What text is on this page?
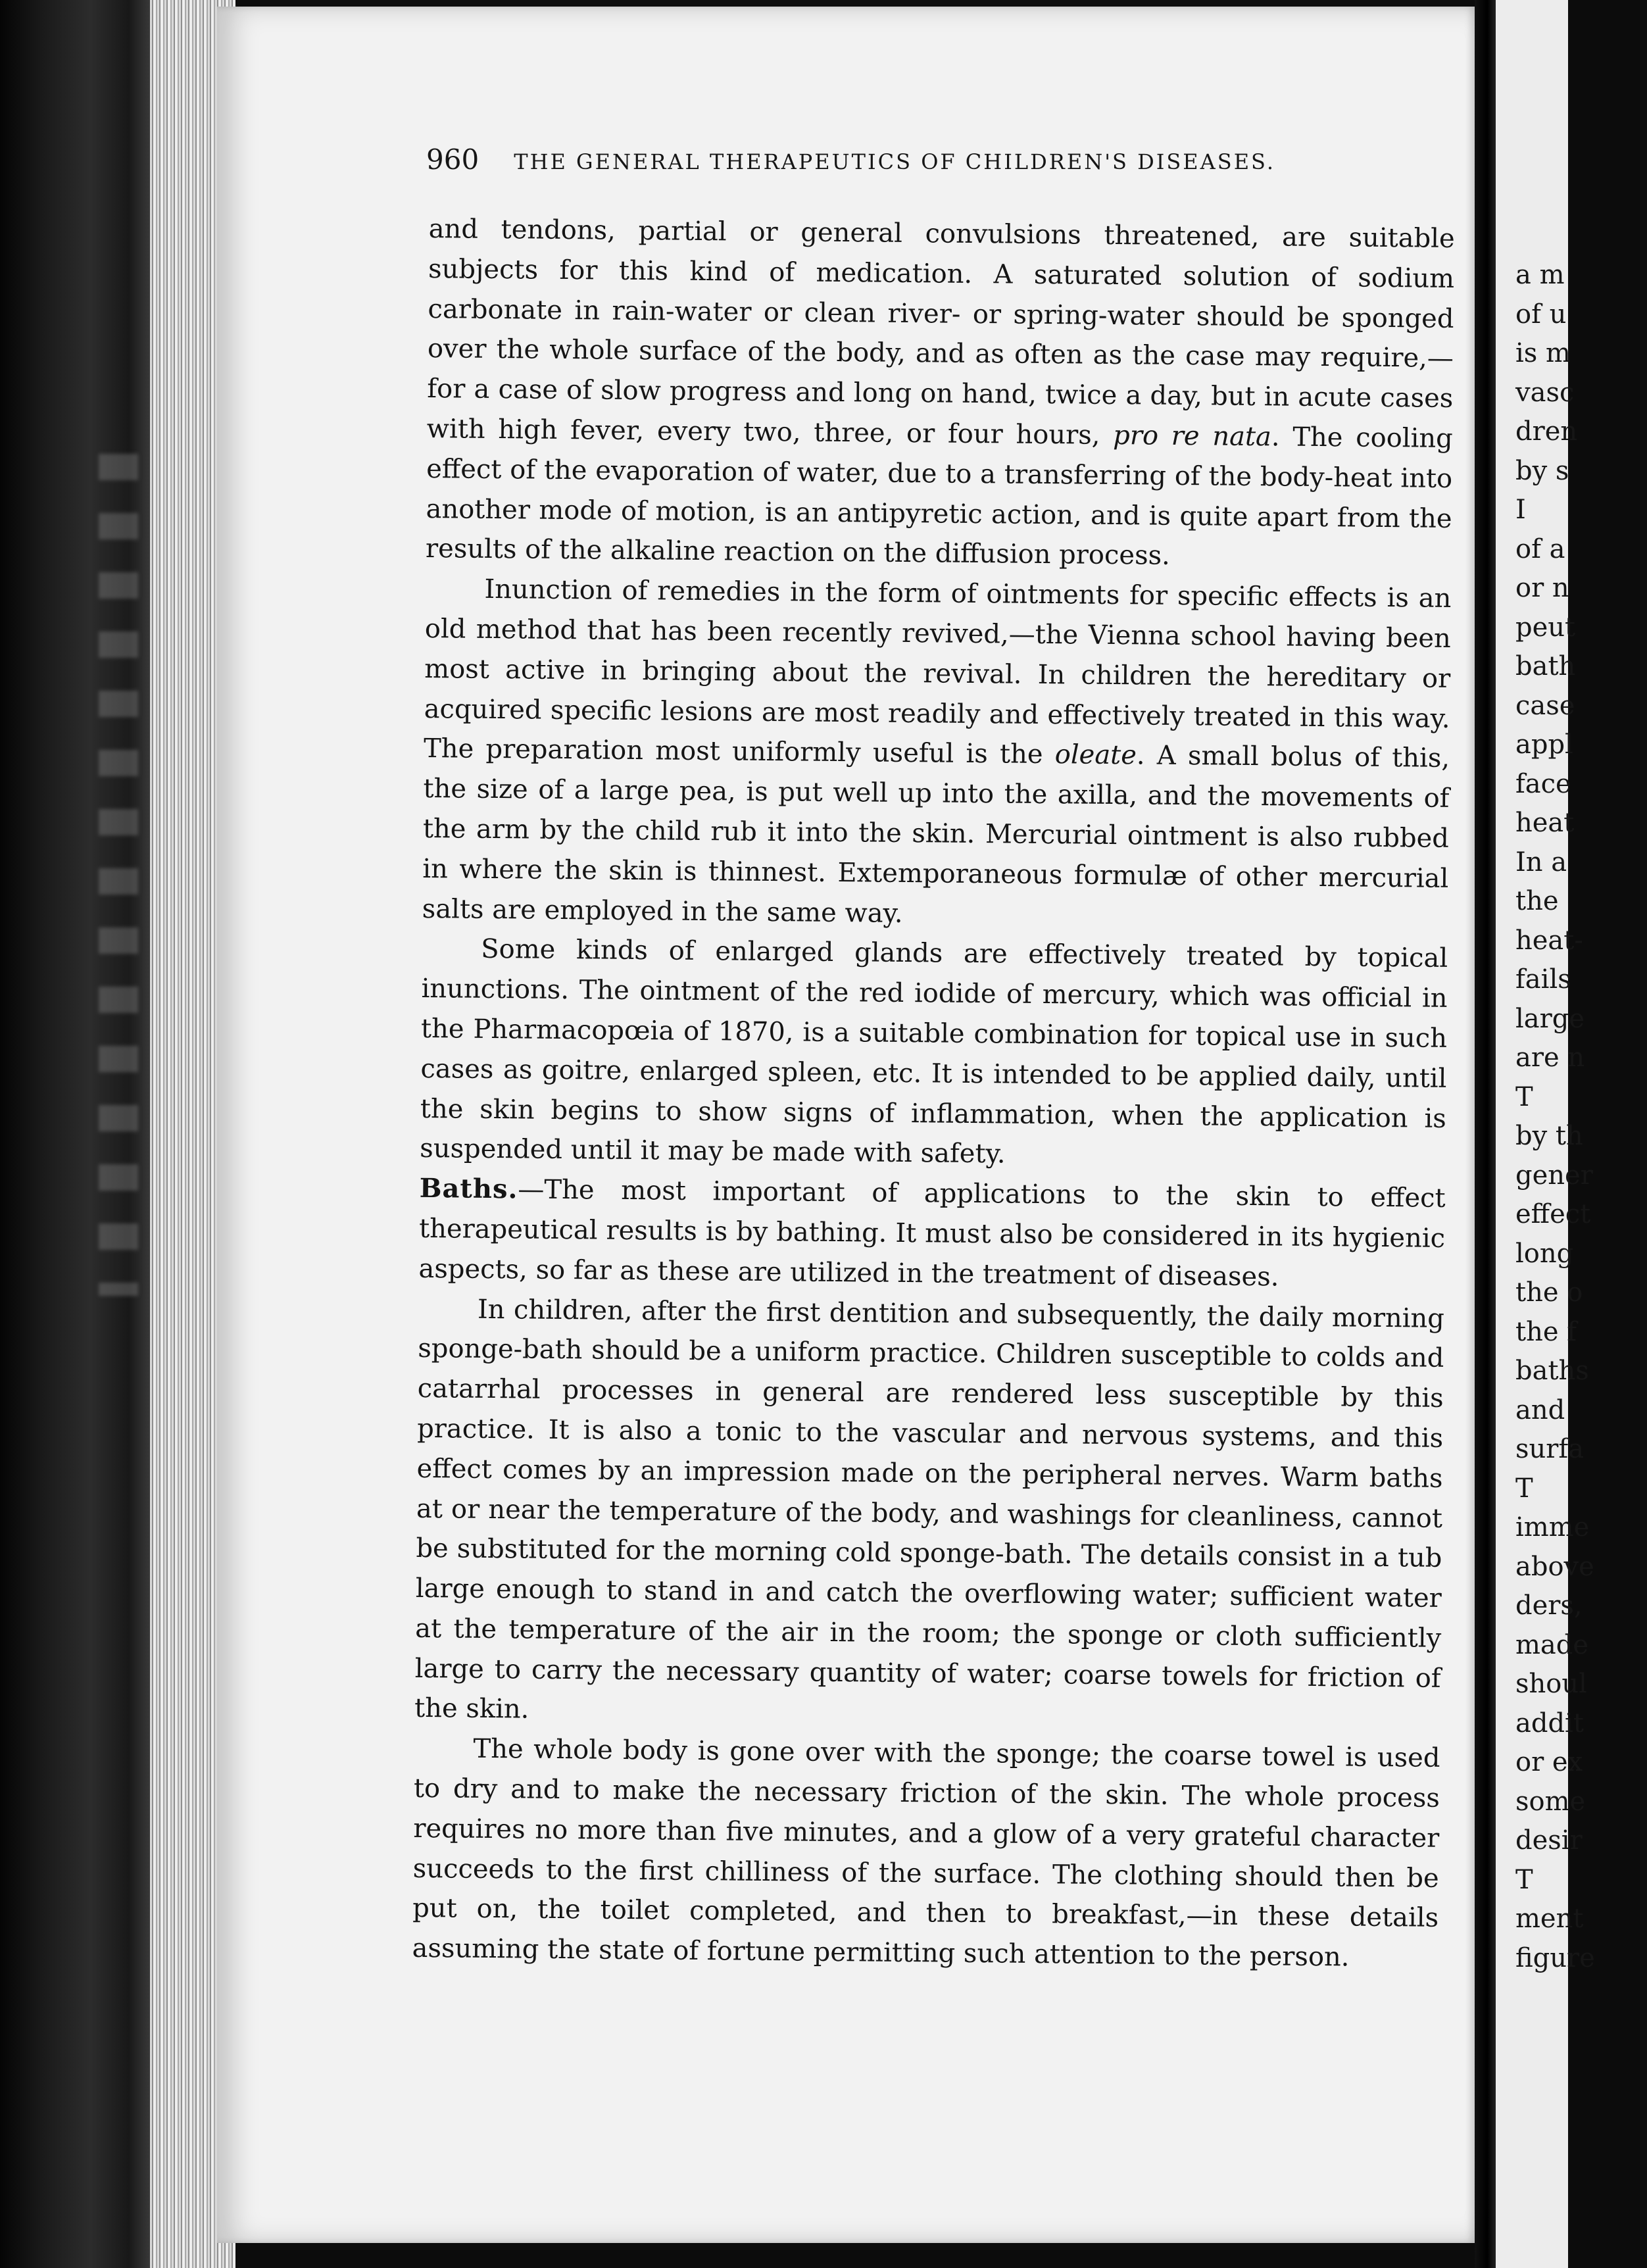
960 THE GENERAL THERAPEUTICS OF CHILDREN'S DISEASES.

and tendons, partial or general convulsions threatened, are suitable subjects for this kind of medication. A saturated solution of sodium carbonate in rain-water or clean river- or spring-water should be sponged over the whole surface of the body, and as often as the case may require,—for a case of slow progress and long on hand, twice a day, but in acute cases with high fever, every two, three, or four hours, pro re nata. The cooling effect of the evaporation of water, due to a transferring of the body-heat into another mode of motion, is an antipyretic action, and is quite apart from the results of the alkaline reaction on the diffusion process.

Inunction of remedies in the form of ointments for specific effects is an old method that has been recently revived,—the Vienna school having been most active in bringing about the revival. In children the hereditary or acquired specific lesions are most readily and effectively treated in this way. The preparation most uniformly useful is the oleate. A small bolus of this, the size of a large pea, is put well up into the axilla, and the movements of the arm by the child rub it into the skin. Mercurial ointment is also rubbed in where the skin is thinnest. Extemporaneous formulæ of other mercurial salts are employed in the same way.

Some kinds of enlarged glands are effectively treated by topical inunctions. The ointment of the red iodide of mercury, which was official in the Pharmacopœia of 1870, is a suitable combination for topical use in such cases as goitre, enlarged spleen, etc. It is intended to be applied daily, until the skin begins to show signs of inflammation, when the application is suspended until it may be made with safety.

Baths.—The most important of applications to the skin to effect therapeutical results is by bathing. It must also be considered in its hygienic aspects, so far as these are utilized in the treatment of diseases.

In children, after the first dentition and subsequently, the daily morning sponge-bath should be a uniform practice. Children susceptible to colds and catarrhal processes in general are rendered less susceptible by this practice. It is also a tonic to the vascular and nervous systems, and this effect comes by an impression made on the peripheral nerves. Warm baths at or near the temperature of the body, and washings for cleanliness, cannot be substituted for the morning cold sponge-bath. The details consist in a tub large enough to stand in and catch the overflowing water; sufficient water at the temperature of the air in the room; the sponge or cloth sufficiently large to carry the necessary quantity of water; coarse towels for friction of the skin.

The whole body is gone over with the sponge; the coarse towel is used to dry and to make the necessary friction of the skin. The whole process requires no more than five minutes, and a glow of a very grateful character succeeds to the first chilliness of the surface. The clothing should then be put on, the toilet completed, and then to breakfast,—in these details assuming the state of fortune permitting such attention to the person.

a m
of u
is m
vasc
dren
by s
I
of a
or n
peut
bath
case
appl
face
heat
In a
the
heat-
fails
large
are n
T
by th
gener
effect
long
the o
the f
baths
and
surfa
T
imme
above
ders,
made
shoul
addit
or ex
some
desir
T
ment
figure
